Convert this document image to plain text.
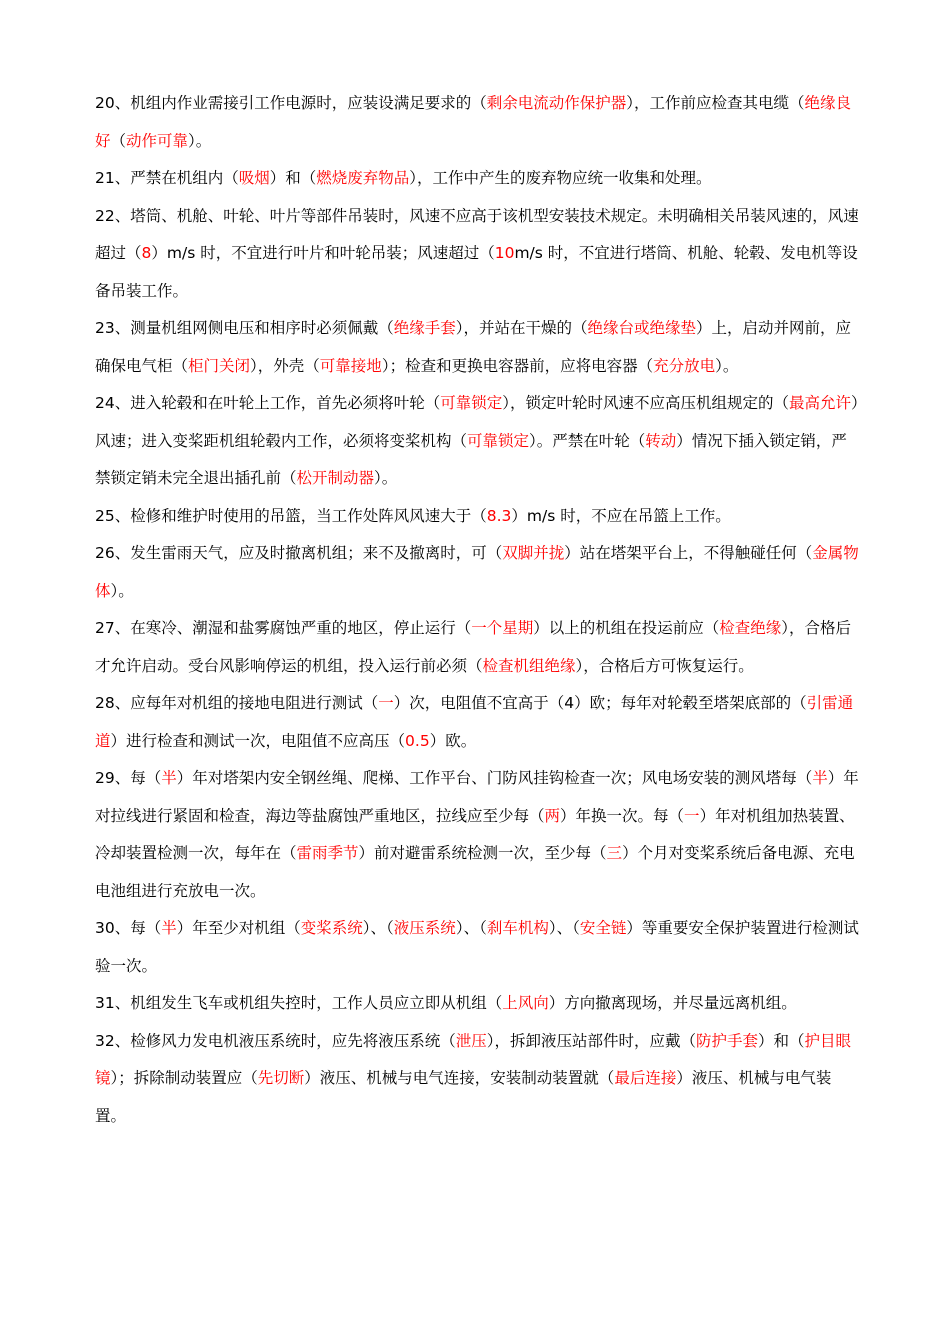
20、机组内作业需接引工作电源时，应装设满足要求的（剩余电流动作保护器），工作前应检查其电缆（绝缘良好（动作可靠）。

21、严禁在机组内（吸烟）和（燃烧废弃物品），工作中产生的废弃物应统一收集和处理。

22、塔筒、机舱、叶轮、叶片等部件吊装时，风速不应高于该机型安装技术规定。未明确相关吊装风速的，风速超过（8）m/s 时，不宜进行叶片和叶轮吊装；风速超过（10m/s 时，不宜进行塔筒、机舱、轮毂、发电机等设备吊装工作。

23、测量机组网侧电压和相序时必须佩戴（绝缘手套），并站在干燥的（绝缘台或绝缘垫）上，启动并网前，应确保电气柜（柜门关闭），外壳（可靠接地）；检查和更换电容器前，应将电容器（充分放电）。

24、进入轮毂和在叶轮上工作，首先必须将叶轮（可靠锁定），锁定叶轮时风速不应高压机组规定的（最高允许）风速；进入变桨距机组轮毂内工作，必须将变桨机构（可靠锁定）。严禁在叶轮（转动）情况下插入锁定销，严禁锁定销未完全退出插孔前（松开制动器）。

25、检修和维护时使用的吊篮，当工作处阵风风速大于（8.3）m/s 时，不应在吊篮上工作。

26、发生雷雨天气，应及时撤离机组；来不及撤离时，可（双脚并拢）站在塔架平台上，不得触碰任何（金属物体）。

27、在寒冷、潮湿和盐雾腐蚀严重的地区，停止运行（一个星期）以上的机组在投运前应（检查绝缘），合格后才允许启动。受台风影响停运的机组，投入运行前必须（检查机组绝缘），合格后方可恢复运行。

28、应每年对机组的接地电阻进行测试（一）次，电阻值不宜高于（4）欧；每年对轮毂至塔架底部的（引雷通道）进行检查和测试一次，电阻值不应高压（0.5）欧。

29、每（半）年对塔架内安全钢丝绳、爬梯、工作平台、门防风挂钩检查一次；风电场安装的测风塔每（半）年对拉线进行紧固和检查，海边等盐腐蚀严重地区，拉线应至少每（两）年换一次。每（一）年对机组加热装置、冷却装置检测一次，每年在（雷雨季节）前对避雷系统检测一次，至少每（三）个月对变桨系统后备电源、充电电池组进行充放电一次。

30、每（半）年至少对机组（变桨系统）、（液压系统）、（刹车机构）、（安全链）等重要安全保护装置进行检测试验一次。

31、机组发生飞车或机组失控时，工作人员应立即从机组（上风向）方向撤离现场，并尽量远离机组。

32、检修风力发电机液压系统时，应先将液压系统（泄压），拆卸液压站部件时，应戴（防护手套）和（护目眼镜）；拆除制动装置应（先切断）液压、机械与电气连接，安装制动装置就（最后连接）液压、机械与电气装置。
